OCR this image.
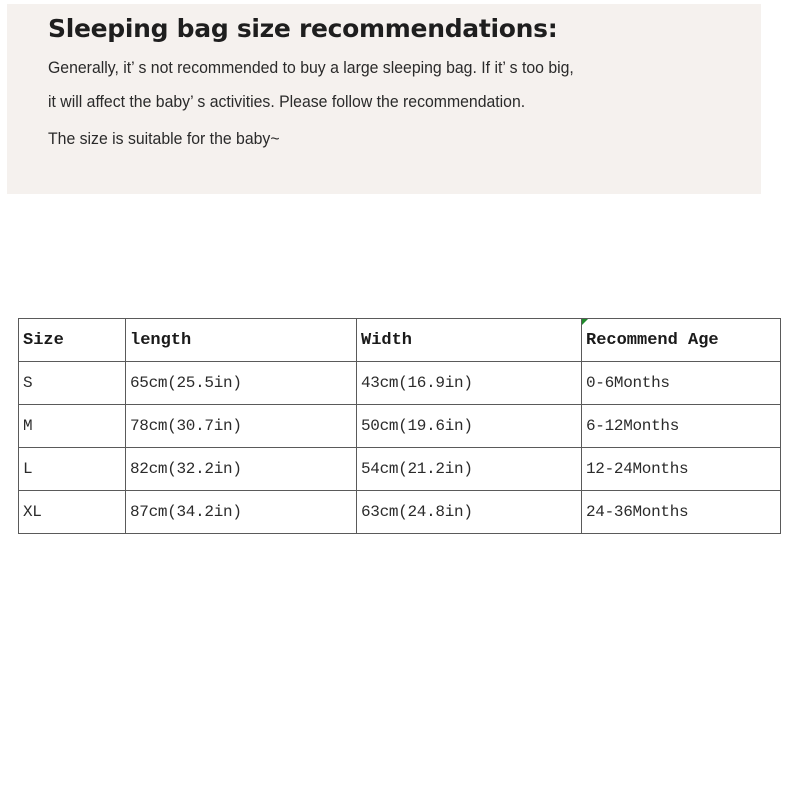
Sleeping bag size recommendations:

Generally, it’ s not recommended to buy a large sleeping bag. If it’ s too big,

it will affect the baby’ s activities. Please follow the recommendation.

The size is suitable for the baby~

Size	length	Width	Recommend Age
S	65cm(25.5in)	43cm(16.9in)	0-6Months
M	78cm(30.7in)	50cm(19.6in)	6-12Months
L	82cm(32.2in)	54cm(21.2in)	12-24Months
XL	87cm(34.2in)	63cm(24.8in)	24-36Months
